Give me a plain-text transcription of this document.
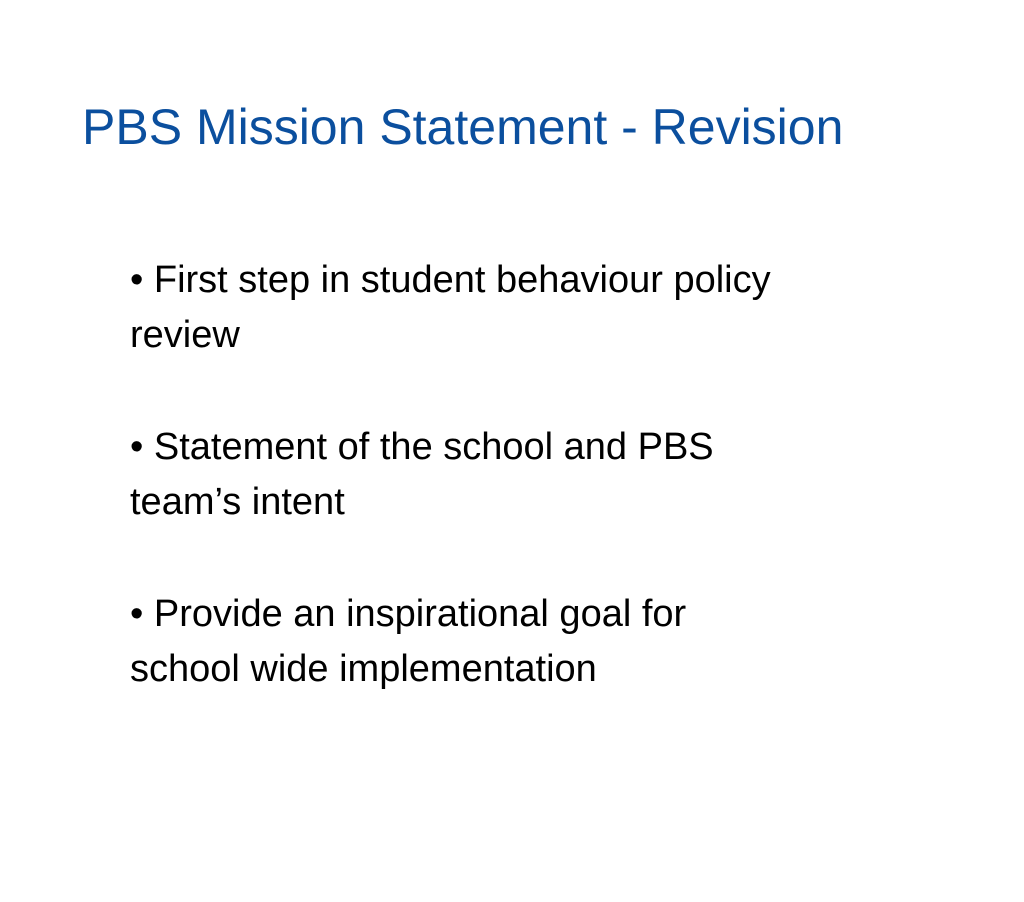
PBS Mission Statement - Revision
• First step in student behaviour policy
review
• Statement of the school and PBS
team’s intent
• Provide an inspirational goal for
school wide implementation
